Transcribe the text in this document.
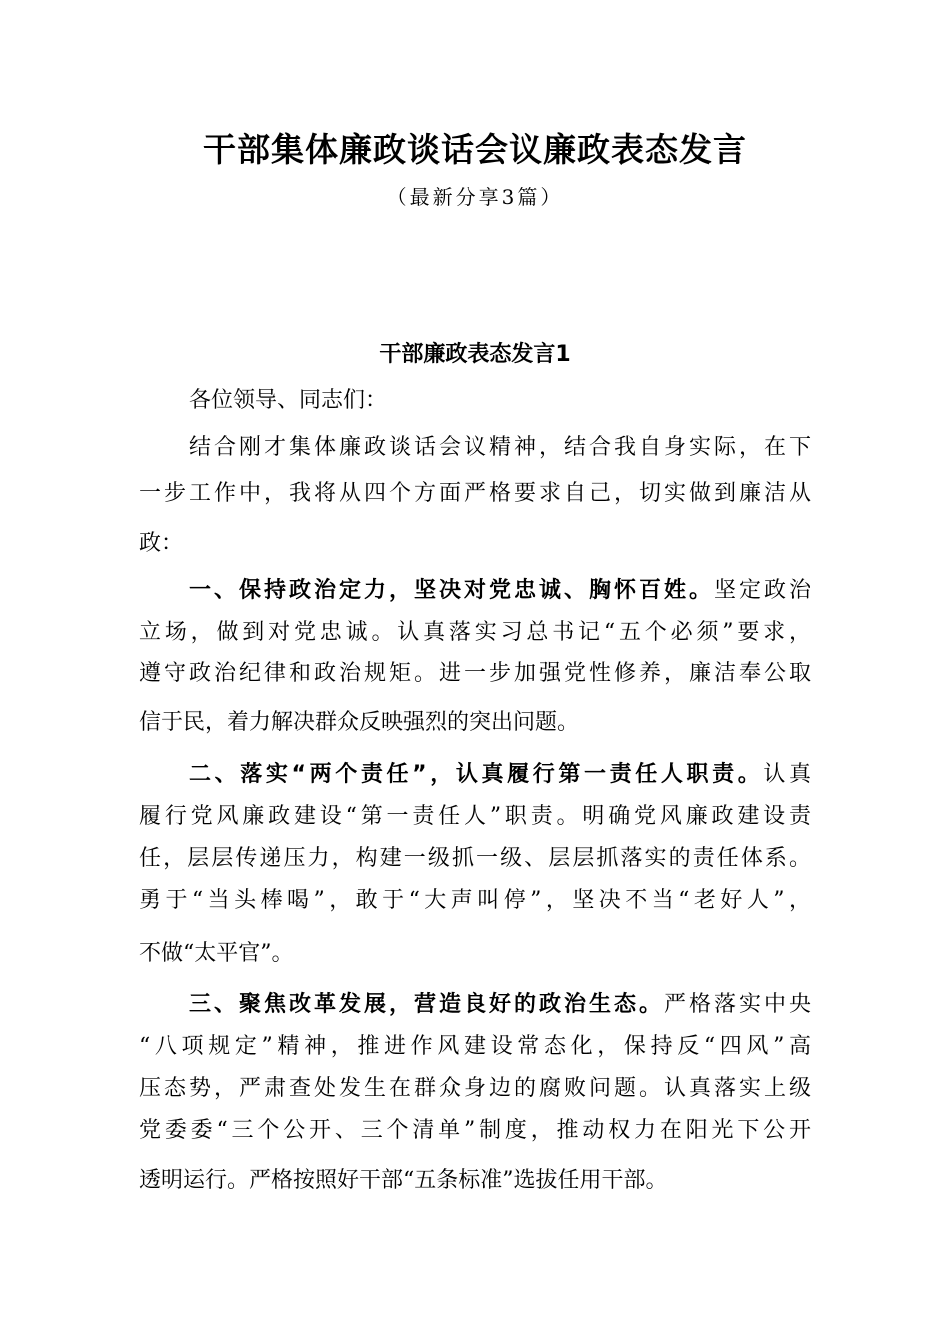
干部集体廉政谈话会议廉政表态发言
（最新分享3篇）
干部廉政表态发言1
各位领导、同志们：
结合刚才集体廉政谈话会议精神，结合我自身实际，在下
一步工作中，我将从四个方面严格要求自己，切实做到廉洁从
政：
一、保持政治定力，坚决对党忠诚、胸怀百姓。坚定政治
立场，做到对党忠诚。认真落实习总书记“五个必须”要求，
遵守政治纪律和政治规矩。进一步加强党性修养，廉洁奉公取
信于民，着力解决群众反映强烈的突出问题。
二、落实“两个责任”，认真履行第一责任人职责。认真
履行党风廉政建设“第一责任人”职责。明确党风廉政建设责
任，层层传递压力，构建一级抓一级、层层抓落实的责任体系。
勇于“当头棒喝”，敢于“大声叫停”，坚决不当“老好人”，
不做“太平官”。
三、聚焦改革发展，营造良好的政治生态。严格落实中央
“八项规定”精神，推进作风建设常态化，保持反“四风”高
压态势，严肃查处发生在群众身边的腐败问题。认真落实上级
党委委“三个公开、三个清单”制度，推动权力在阳光下公开
透明运行。严格按照好干部“五条标准”选拔任用干部。
